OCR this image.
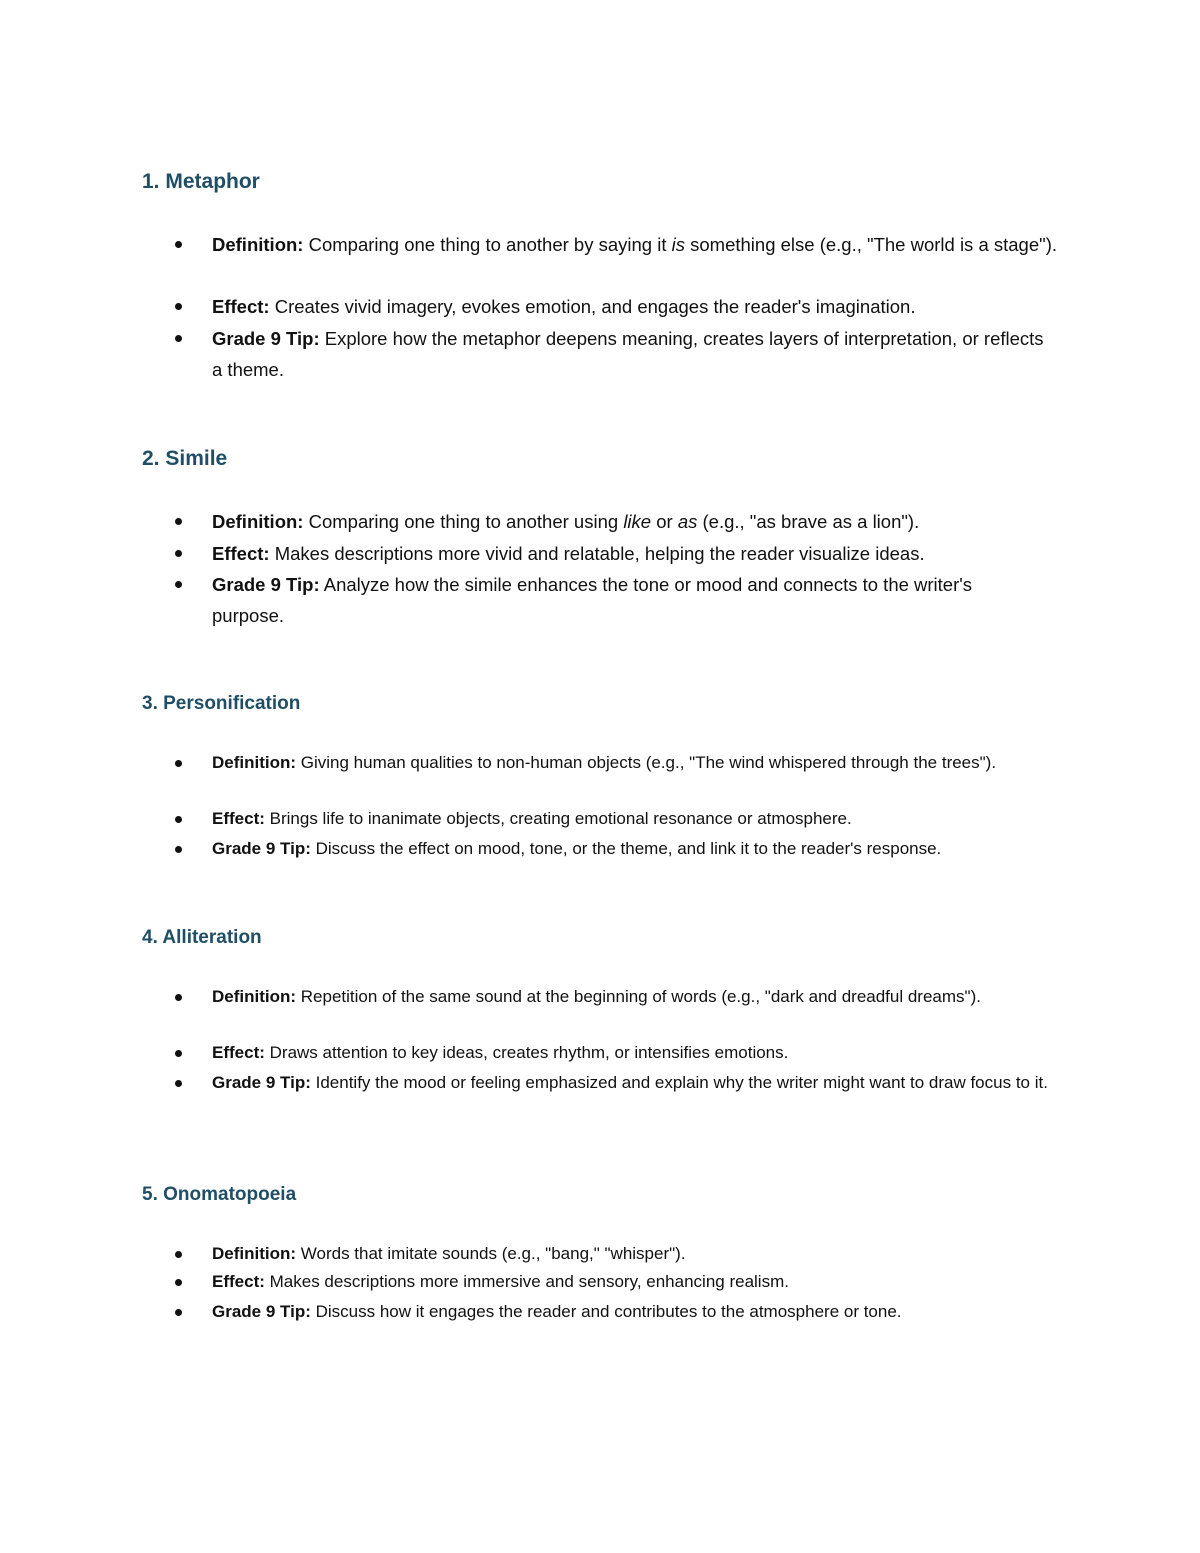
1. Metaphor
Definition: Comparing one thing to another by saying it is something else (e.g., "The world is a stage").
Effect: Creates vivid imagery, evokes emotion, and engages the reader's imagination.
Grade 9 Tip: Explore how the metaphor deepens meaning, creates layers of interpretation, or reflects a theme.
2. Simile
Definition: Comparing one thing to another using like or as (e.g., "as brave as a lion").
Effect: Makes descriptions more vivid and relatable, helping the reader visualize ideas.
Grade 9 Tip: Analyze how the simile enhances the tone or mood and connects to the writer's purpose.
3. Personification
Definition: Giving human qualities to non-human objects (e.g., "The wind whispered through the trees").
Effect: Brings life to inanimate objects, creating emotional resonance or atmosphere.
Grade 9 Tip: Discuss the effect on mood, tone, or the theme, and link it to the reader's response.
4. Alliteration
Definition: Repetition of the same sound at the beginning of words (e.g., "dark and dreadful dreams").
Effect: Draws attention to key ideas, creates rhythm, or intensifies emotions.
Grade 9 Tip: Identify the mood or feeling emphasized and explain why the writer might want to draw focus to it.
5. Onomatopoeia
Definition: Words that imitate sounds (e.g., "bang," "whisper").
Effect: Makes descriptions more immersive and sensory, enhancing realism.
Grade 9 Tip: Discuss how it engages the reader and contributes to the atmosphere or tone.
